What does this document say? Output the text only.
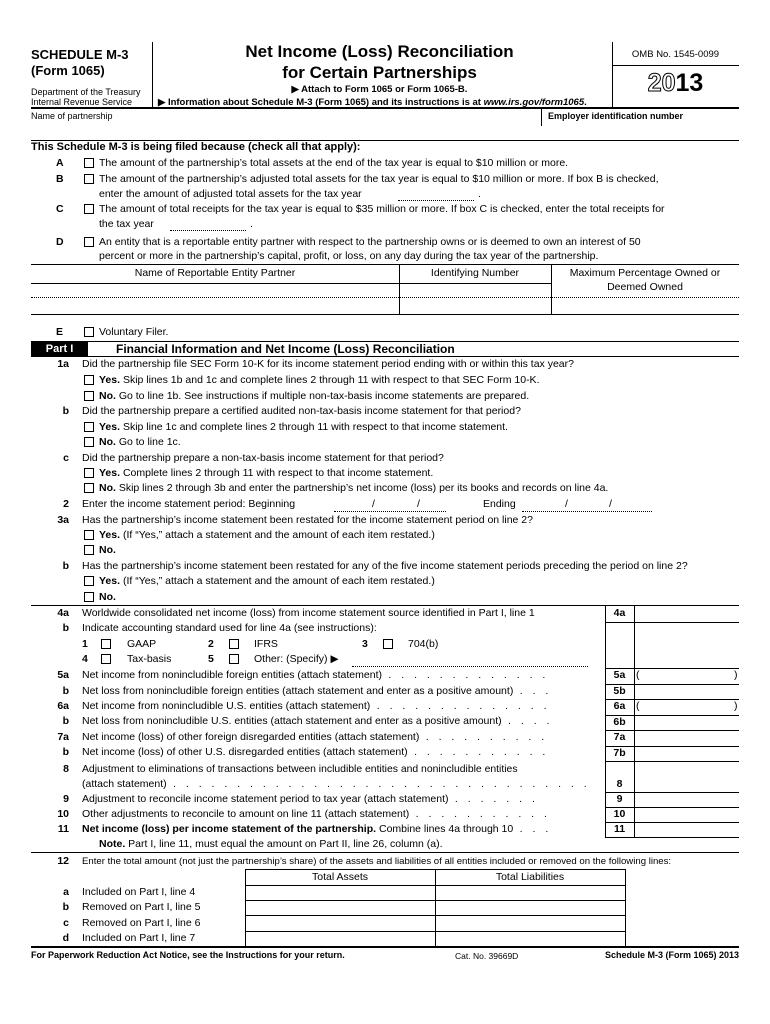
SCHEDULE M-3
(Form 1065)
Department of the Treasury
Internal Revenue Service
Net Income (Loss) Reconciliation
for Certain Partnerships
▶ Attach to Form 1065 or Form 1065-B.
▶ Information about Schedule M-3 (Form 1065) and its instructions is at www.irs.gov/form1065.
OMB No. 1545-0099
2013
Name of partnership	Employer identification number
This Schedule M-3 is being filed because (check all that apply):
A	The amount of the partnership’s total assets at the end of the tax year is equal to $10 million or more.
B	The amount of the partnership’s adjusted total assets for the tax year is equal to $10 million or more. If box B is checked,
enter the amount of adjusted total assets for the tax year	.
C	The amount of total receipts for the tax year is equal to $35 million or more. If box C is checked, enter the total receipts for
the tax year	.
D	An entity that is a reportable entity partner with respect to the partnership owns or is deemed to own an interest of 50
percent or more in the partnership’s capital, profit, or loss, on any day during the tax year of the partnership.
Name of Reportable Entity Partner	Identifying Number	Maximum Percentage Owned or
Deemed Owned
E	Voluntary Filer.
Part I	Financial Information and Net Income (Loss) Reconciliation
1a Did the partnership file SEC Form 10-K for its income statement period ending with or within this tax year?
Yes. Skip lines 1b and 1c and complete lines 2 through 11 with respect to that SEC Form 10-K.
No. Go to line 1b. See instructions if multiple non-tax-basis income statements are prepared.
b Did the partnership prepare a certified audited non-tax-basis income statement for that period?
Yes. Skip line 1c and complete lines 2 through 11 with respect to that income statement.
No. Go to line 1c.
c Did the partnership prepare a non-tax-basis income statement for that period?
Yes. Complete lines 2 through 11 with respect to that income statement.
No. Skip lines 2 through 3b and enter the partnership’s net income (loss) per its books and records on line 4a.
2 Enter the income statement period: Beginning	/	/	Ending	/	/
3a Has the partnership’s income statement been restated for the income statement period on line 2?
Yes. (If “Yes,” attach a statement and the amount of each item restated.)
No.
b Has the partnership’s income statement been restated for any of the five income statement periods preceding the period on line 2?
Yes. (If “Yes,” attach a statement and the amount of each item restated.)
No.
4a Worldwide consolidated net income (loss) from income statement source identified in Part I, line 1	4a
b Indicate accounting standard used for line 4a (see instructions):
1	GAAP	2	IFRS	3	704(b)
4	Tax-basis	5	Other: (Specify) ▶
5a Net income from nonincludible foreign entities (attach statement) . . . . . . . . . . . . .	5a	(	)
b Net loss from nonincludible foreign entities (attach statement and enter as a positive amount) . . .	5b
6a Net income from nonincludible U.S. entities (attach statement) . . . . . . . . . . . . . .	6a	(	)
b Net loss from nonincludible U.S. entities (attach statement and enter as a positive amount) . . . .	6b
7a Net income (loss) of other foreign disregarded entities (attach statement) . . . . . . . . . .	7a
b Net income (loss) of other U.S. disregarded entities (attach statement) . . . . . . . . . . .	7b
8 Adjustment to eliminations of transactions between includible entities and nonincludible entities
(attach statement) . . . . . . . . . . . . . . . . . . . . . . . . . . . . . . . . .	8
9 Adjustment to reconcile income statement period to tax year (attach statement) . . . . . . .	9
10 Other adjustments to reconcile to amount on line 11 (attach statement) . . . . . . . . . . .	10
11 Net income (loss) per income statement of the partnership. Combine lines 4a through 10 . . .	11
Note. Part I, line 11, must equal the amount on Part II, line 26, column (a).
12 Enter the total amount (not just the partnership’s share) of the assets and liabilities of all entities included or removed on the following lines:
Total Assets	Total Liabilities
a Included on Part I, line 4
b Removed on Part I, line 5
c Removed on Part I, line 6
d Included on Part I, line 7
For Paperwork Reduction Act Notice, see the Instructions for your return.	Cat. No. 39669D	Schedule M-3 (Form 1065) 2013
